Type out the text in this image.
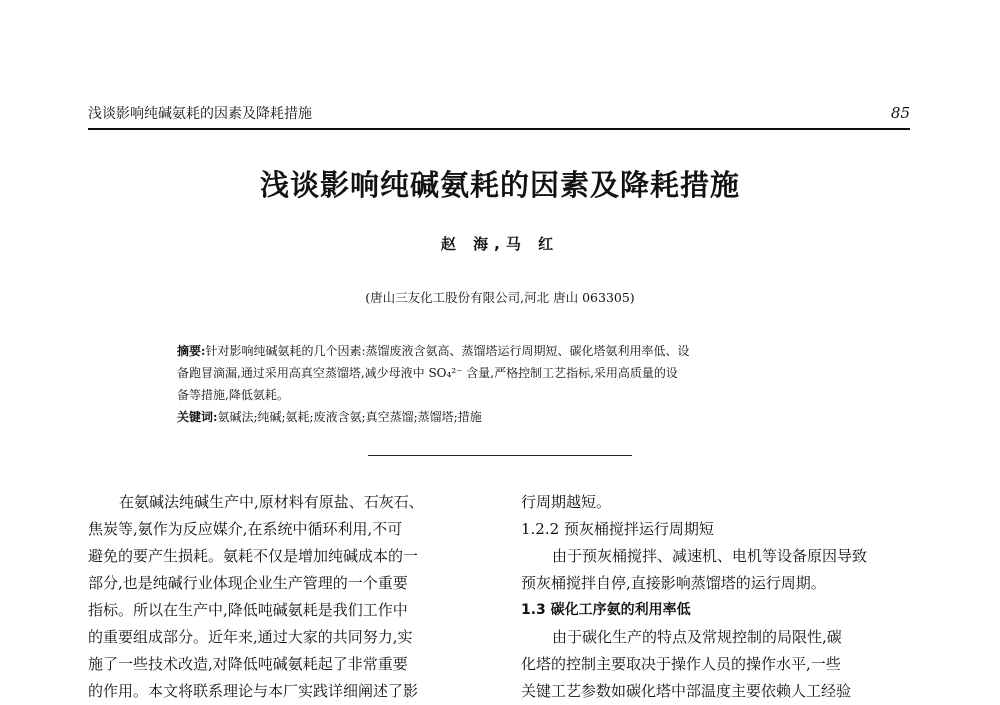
浅谈影响纯碱氨耗的因素及降耗措施	85
浅谈影响纯碱氨耗的因素及降耗措施
赵 海,马 红
(唐山三友化工股份有限公司,河北 唐山 063305)
摘要:针对影响纯碱氨耗的几个因素:蒸馏废液含氨高、蒸馏塔运行周期短、碳化塔氨利用率低、设
备跑冒滴漏,通过采用高真空蒸馏塔,减少母液中 SO₄²⁻ 含量,严格控制工艺指标,采用高质量的设
备等措施,降低氨耗。
关键词:氨碱法;纯碱;氨耗;废液含氨;真空蒸馏;蒸馏塔;措施
在氨碱法纯碱生产中,原材料有原盐、石灰石、
焦炭等,氨作为反应媒介,在系统中循环利用,不可
避免的要产生损耗。氨耗不仅是增加纯碱成本的一
部分,也是纯碱行业体现企业生产管理的一个重要
指标。所以在生产中,降低吨碱氨耗是我们工作中
的重要组成部分。近年来,通过大家的共同努力,实
施了一些技术改造,对降低吨碱氨耗起了非常重要
的作用。本文将联系理论与本厂实践详细阐述了影
行周期越短。
1.2.2 预灰桶搅拌运行周期短
由于预灰桶搅拌、减速机、电机等设备原因导致
预灰桶搅拌自停,直接影响蒸馏塔的运行周期。
1.3 碳化工序氨的利用率低
由于碳化生产的特点及常规控制的局限性,碳
化塔的控制主要取决于操作人员的操作水平,一些
关键工艺参数如碳化塔中部温度主要依赖人工经验
